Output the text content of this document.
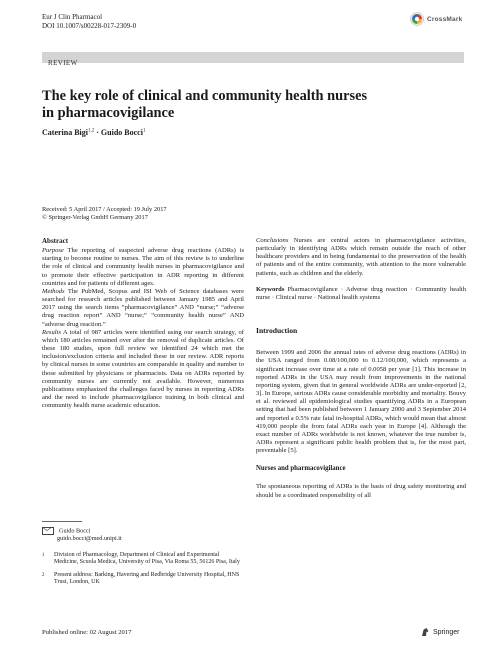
Eur J Clin Pharmacol
DOI 10.1007/s00228-017-2309-0
CrossMark
REVIEW
The key role of clinical and community health nurses in pharmacovigilance
Caterina Bigi$^{1,2}$ · Guido Bocci$^1$
Received: 5 April 2017 / Accepted: 19 July 2017
© Springer-Verlag GmbH Germany 2017
Abstract

Purpose The reporting of suspected adverse drug reactions (ADRs) is starting to become routine to nurses. The aim of this review is to underline the role of clinical and community health nurses in pharmacovigilance and to promote their effective participation in ADR reporting in different countries and for patients of different ages.

Methods The PubMed, Scopus and ISI Web of Science databases were searched for research articles published between January 1985 and April 2017 using the search items “pharmacovigilance” AND “nurse;” “adverse drug reaction report” AND “nurse;” “community health nurse” AND “adverse drug reaction.”

Results A total of 987 articles were identified using our search strategy, of which 180 articles remained over after the removal of duplicate articles. Of these 180 studies, upon full review we identified 24 which met the inclusion/exclusion criteria and included these in our review. ADR reports by clinical nurses in some countries are comparable in quality and number to those submitted by physicians or pharmacists. Data on ADRs reported by community nurses are currently not available. However, numerous publications emphasized the challenges faced by nurses in reporting ADRs and the need to include pharmacovigilance training in both clinical and community health nurse academic education.

Guido Bocci
guido.bocci@med.unipi.it
1	Division of Pharmacology, Department of Clinical and Experimental Medicine, Scuola Medica, University of Pisa, Via Roma 55, 56126 Pisa, Italy
2	Present address: Barking, Havering and Redbridge University Hospital, HNS Trust, London, UK
Published online: 02 August 2017	Springer

Conclusions Nurses are central actors in pharmacovigilance activities, particularly in identifying ADRs which remain outside the reach of other healthcare providers and in being fundamental to the preservation of the health of patients and of the entire community, with attention to the more vulnerable patients, such as children and the elderly.

Keywords Pharmacovigilance · Adverse drug reaction · Community health nurse · Clinical nurse · National health systems

Introduction

Between 1999 and 2006 the annual rates of adverse drug reactions (ADRs) in the USA ranged from 0.08/100,000 to 0.12/100,000, which represents a significant increase over time at a rate of 0.0058 per year [1]. This increase in reported ADRs in the USA may result from improvements in the national reporting system, given that in general worldwide ADRs are under-reported [2, 3]. In Europe, serious ADRs cause considerable morbidity and mortality. Bouvy et al. reviewed all epidemiological studies quantifying ADRs in a European setting that had been published between 1 January 2000 and 3 September 2014 and reported a 0.5% rate fatal in-hospital ADRs, which would mean that almost 419,000 people die from fatal ADRs each year in Europe [4]. Although the exact number of ADRs worldwide is not known, whatever the true number is, ADRs represent a significant public health problem that is, for the most part, preventable [5].

Nurses and pharmacovigilance

The spontaneous reporting of ADRs is the basis of drug safety monitoring and should be a coordinated responsibility of all
